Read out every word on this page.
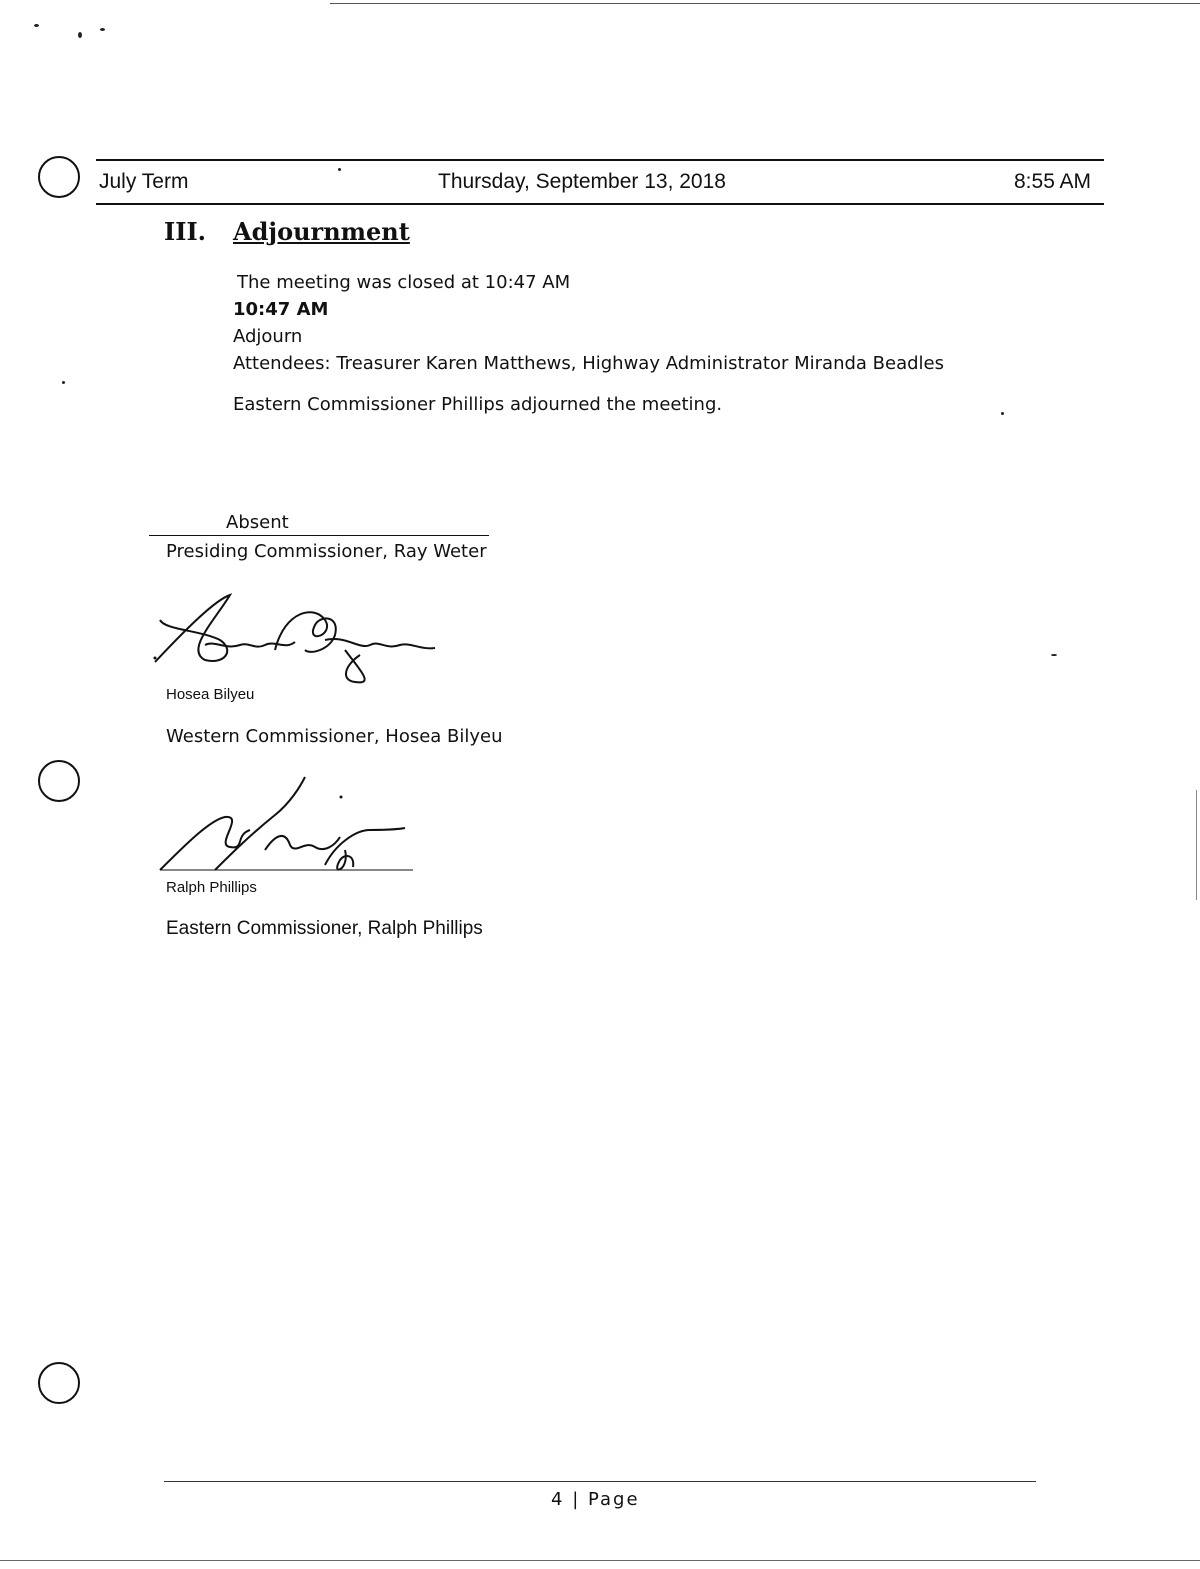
July Term	Thursday, September 13, 2018	8:55 AM
III. Adjournment
The meeting was closed at 10:47 AM
10:47 AM
Adjourn
Attendees: Treasurer Karen Matthews, Highway Administrator Miranda Beadles
Eastern Commissioner Phillips adjourned the meeting.
Absent
Presiding Commissioner, Ray Weter
Hosea Bilyeu
Western Commissioner, Hosea Bilyeu
Ralph Phillips
Eastern Commissioner, Ralph Phillips
4 | Page
